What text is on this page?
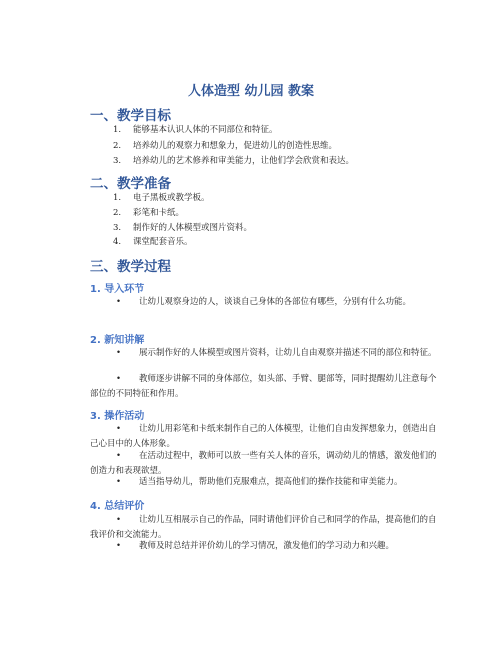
人体造型 幼儿园 教案
一、教学目标
1. 能够基本认识人体的不同部位和特征。
2. 培养幼儿的观察力和想象力，促进幼儿的创造性思维。
3. 培养幼儿的艺术修养和审美能力，让他们学会欣赏和表达。
二、教学准备
1. 电子黑板或教学板。
2. 彩笔和卡纸。
3. 制作好的人体模型或图片资料。
4. 课堂配套音乐。
三、教学过程
1. 导入环节
•	让幼儿观察身边的人，谈谈自己身体的各部位有哪些，分别有什么功能。
2. 新知讲解
•	展示制作好的人体模型或图片资料，让幼儿自由观察并描述不同的部位和特征。
•	教师逐步讲解不同的身体部位，如头部、手臂、腿部等，同时提醒幼儿注意每个部位的不同特征和作用。
3. 操作活动
•	让幼儿用彩笔和卡纸来制作自己的人体模型，让他们自由发挥想象力，创造出自己心目中的人体形象。
•	在活动过程中，教师可以放一些有关人体的音乐，调动幼儿的情感，激发他们的创造力和表现欲望。
•	适当指导幼儿，帮助他们克服难点，提高他们的操作技能和审美能力。
4. 总结评价
•	让幼儿互相展示自己的作品，同时请他们评价自己和同学的作品，提高他们的自我评价和交流能力。
•	教师及时总结并评价幼儿的学习情况，激发他们的学习动力和兴趣。
